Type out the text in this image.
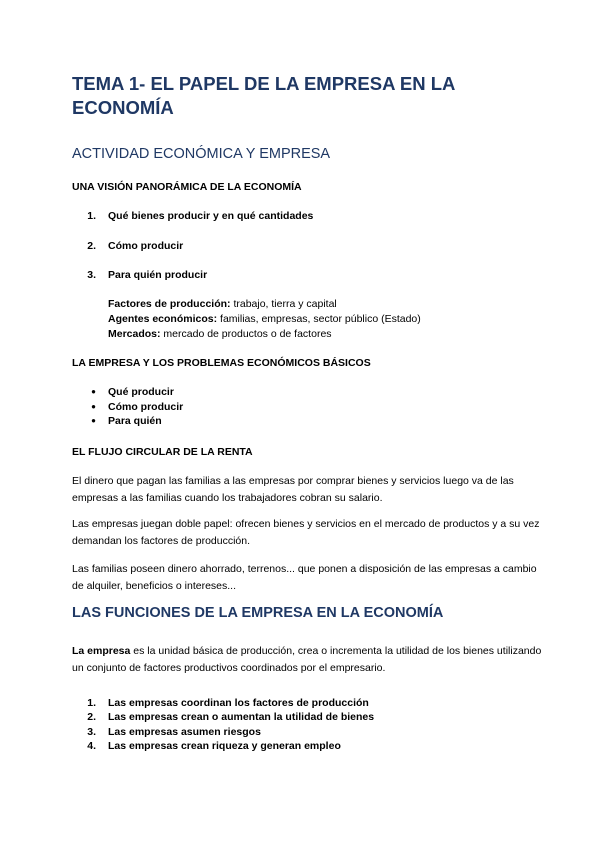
TEMA 1- EL PAPEL DE LA EMPRESA EN LA
ECONOMÍA
ACTIVIDAD ECONÓMICA Y EMPRESA
UNA VISIÓN PANORÁMICA DE LA ECONOMÍA
1. Qué bienes producir y en qué cantidades
2. Cómo producir
3. Para quién producir
Factores de producción: trabajo, tierra y capital
Agentes económicos: familias, empresas, sector público (Estado)
Mercados: mercado de productos o de factores
LA EMPRESA Y LOS PROBLEMAS ECONÓMICOS BÁSICOS
● Qué producir
● Cómo producir
● Para quién
EL FLUJO CIRCULAR DE LA RENTA
El dinero que pagan las familias a las empresas por comprar bienes y servicios luego va de las empresas a las familias cuando los trabajadores cobran su salario.
Las empresas juegan doble papel: ofrecen bienes y servicios en el mercado de productos y a su vez demandan los factores de producción.
Las familias poseen dinero ahorrado, terrenos... que ponen a disposición de las empresas a cambio de alquiler, beneficios o intereses...
LAS FUNCIONES DE LA EMPRESA EN LA ECONOMÍA
La empresa es la unidad básica de producción, crea o incrementa la utilidad de los bienes utilizando un conjunto de factores productivos coordinados por el empresario.
1. Las empresas coordinan los factores de producción
2. Las empresas crean o aumentan la utilidad de bienes
3. Las empresas asumen riesgos
4. Las empresas crean riqueza y generan empleo
